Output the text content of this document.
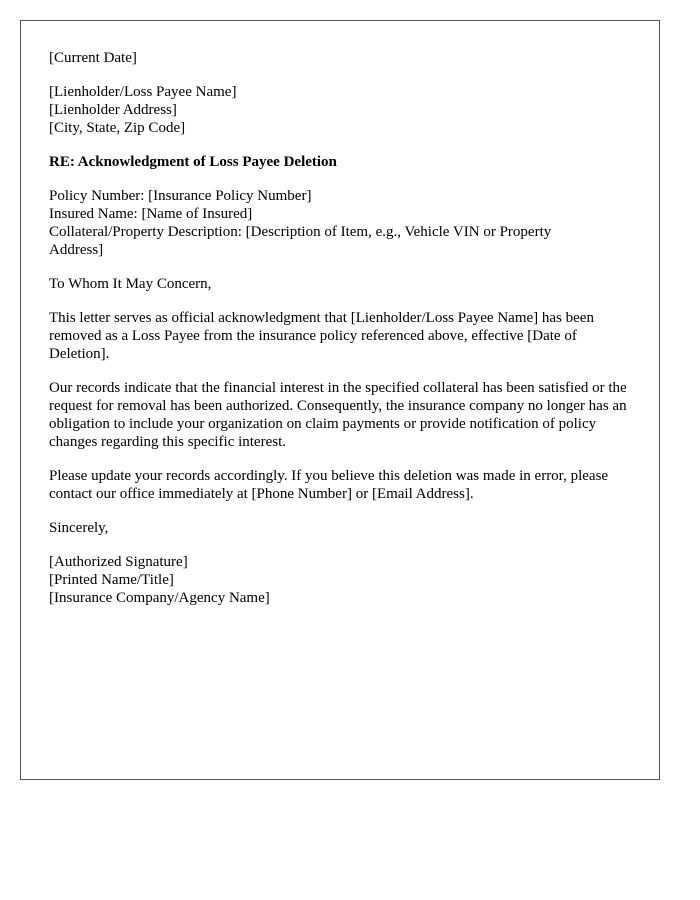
[Current Date]
[Lienholder/Loss Payee Name]
[Lienholder Address]
[City, State, Zip Code]
RE: Acknowledgment of Loss Payee Deletion
Policy Number: [Insurance Policy Number]
Insured Name: [Name of Insured]
Collateral/Property Description: [Description of Item, e.g., Vehicle VIN or Property
Address]

To Whom It May Concern,

This letter serves as official acknowledgment that [Lienholder/Loss Payee Name] has been removed as a Loss Payee from the insurance policy referenced above, effective [Date of Deletion].

Our records indicate that the financial interest in the specified collateral has been satisfied or the request for removal has been authorized. Consequently, the insurance company no longer has an obligation to include your organization on claim payments or provide notification of policy changes regarding this specific interest.

Please update your records accordingly. If you believe this deletion was made in error, please contact our office immediately at [Phone Number] or [Email Address].

Sincerely,

[Authorized Signature]
[Printed Name/Title]
[Insurance Company/Agency Name]
